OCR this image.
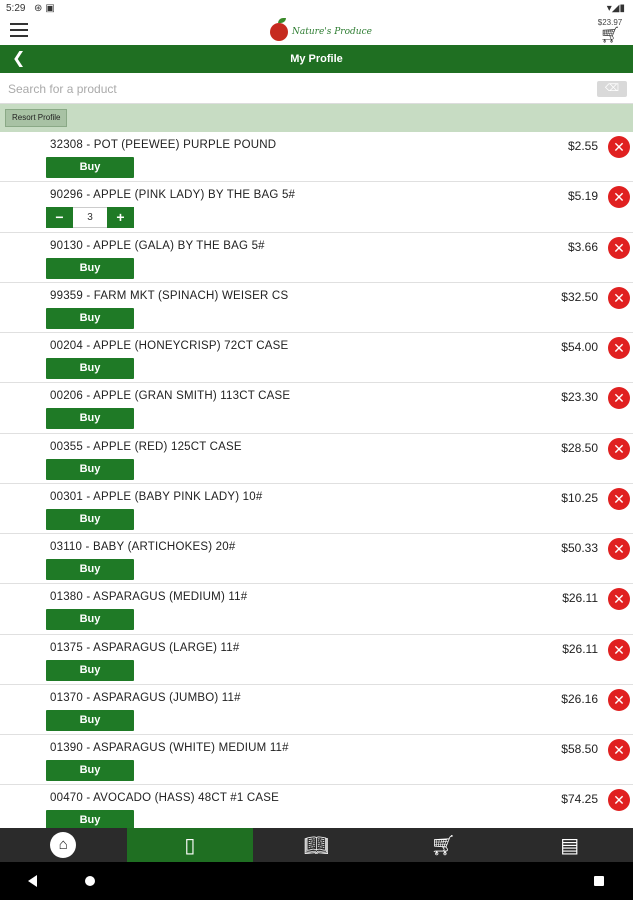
5:29 ⊛▣	▾◢▮
Nature's Produce
$23.97
🛒︎
❮	My Profile
Search for a product
⌫
Resort Profile
32308 - POT (PEEWEE) PURPLE POUND	$2.55	✕
Buy
90296 - APPLE (PINK LADY) BY THE BAG 5#	$5.19	✕
−	3	+
90130 - APPLE (GALA) BY THE BAG 5#	$3.66	✕
Buy
99359 - FARM MKT (SPINACH) WEISER CS	$32.50	✕
Buy
00204 - APPLE (HONEYCRISP) 72CT CASE	$54.00	✕
Buy
00206 - APPLE (GRAN SMITH) 113CT CASE	$23.30	✕
Buy
00355 - APPLE (RED) 125CT CASE	$28.50	✕
Buy
00301 - APPLE (BABY PINK LADY) 10#	$10.25	✕
Buy
03110 - BABY (ARTICHOKES) 20#	$50.33	✕
Buy
01380 - ASPARAGUS (MEDIUM) 11#	$26.11	✕
Buy
01375 - ASPARAGUS (LARGE) 11#	$26.11	✕
Buy
01370 - ASPARAGUS (JUMBO) 11#	$26.16	✕
Buy
01390 - ASPARAGUS (WHITE) MEDIUM 11#	$58.50	✕
Buy
00470 - AVOCADO (HASS) 48CT #1 CASE	$74.25	✕
Buy
⌂	▯	📖︎	🛒︎	▤
